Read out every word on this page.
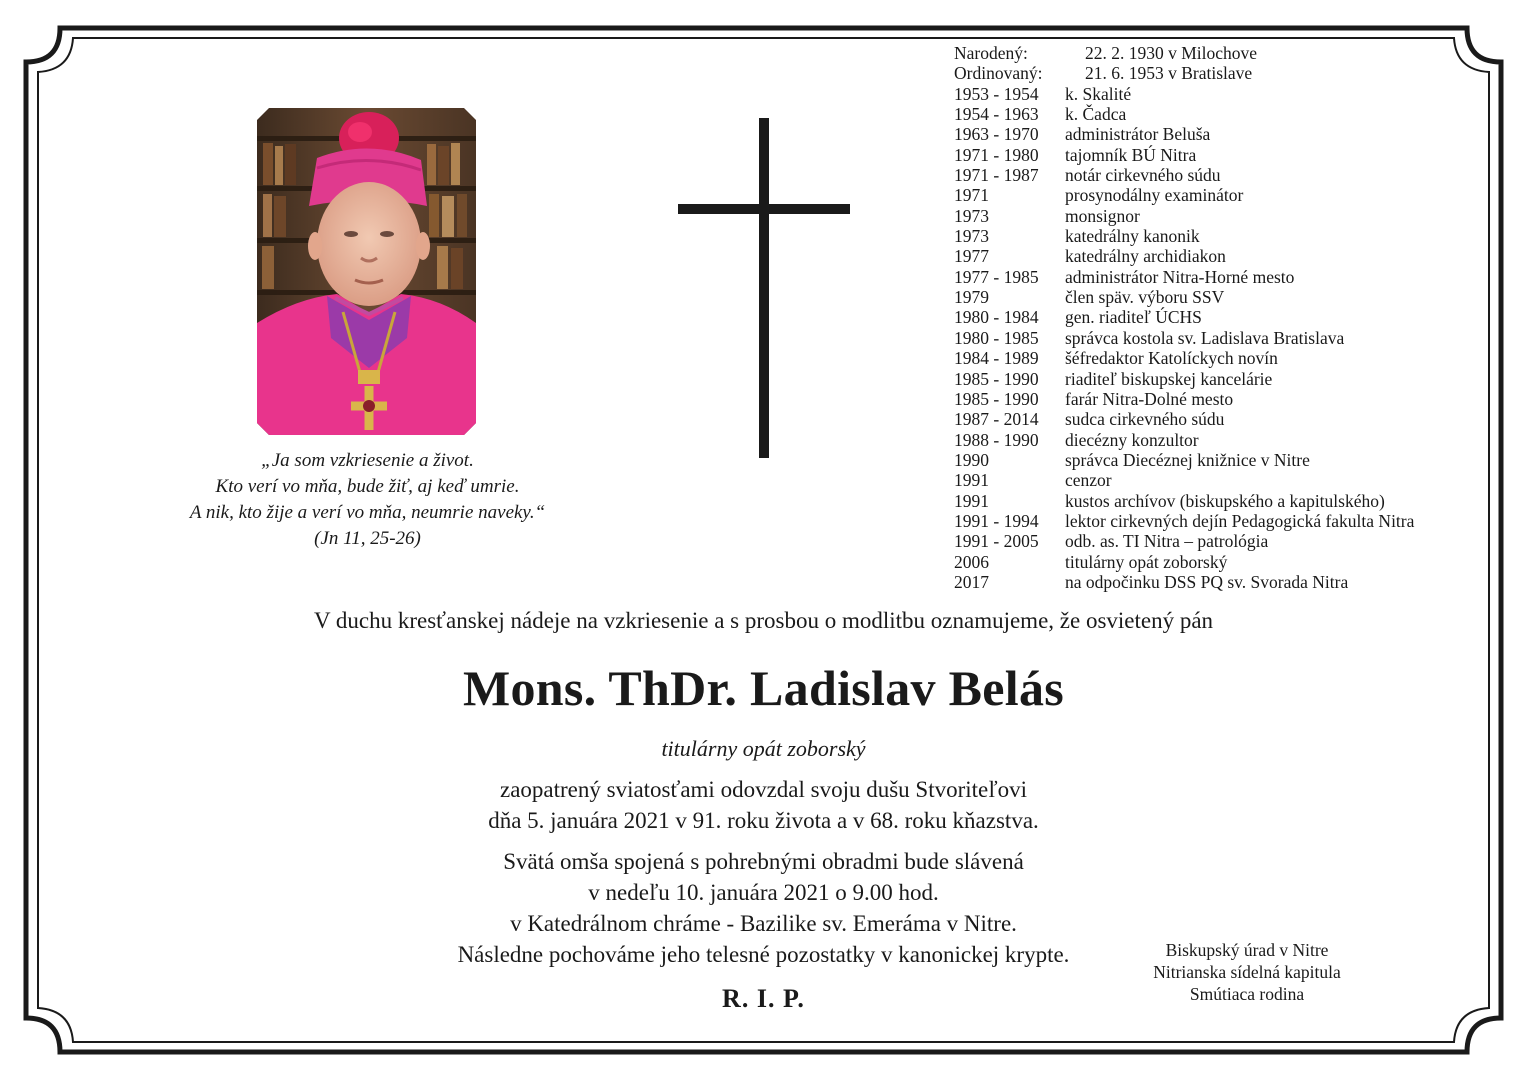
„Ja som vzkriesenie a život.
Kto verí vo mňa, bude žiť, aj keď umrie.
A nik, kto žije a verí vo mňa, neumrie naveky.“
(Jn 11, 25-26)
Narodený:	22. 2. 1930 v Milochove
Ordinovaný: 21. 6. 1953 v Bratislave
1953 - 1954 k. Skalité
1954 - 1963 k. Čadca
1963 - 1970 administrátor Beluša
1971 - 1980 tajomník BÚ Nitra
1971 - 1987 notár cirkevného súdu
1971	prosynodálny examinátor
1973	monsignor
1973	katedrálny kanonik
1977	katedrálny archidiakon
1977 - 1985 administrátor Nitra-Horné mesto
1979	člen späv. výboru SSV
1980 - 1984 gen. riaditeľ ÚCHS
1980 - 1985 správca kostola sv. Ladislava Bratislava
1984 - 1989 šéfredaktor Katolíckych novín
1985 - 1990 riaditeľ biskupskej kancelárie
1985 - 1990 farár Nitra-Dolné mesto
1987 - 2014 sudca cirkevného súdu
1988 - 1990 diecézny konzultor
1990	správca Diecéznej knižnice v Nitre
1991	cenzor
1991	kustos archívov (biskupského a kapitulského)
1991 - 1994 lektor cirkevných dejín Pedagogická fakulta Nitra
1991 - 2005 odb. as. TI Nitra – patrológia
2006	titulárny opát zoborský
2017	na odpočinku DSS PQ sv. Svorada Nitra
V duchu kresťanskej nádeje na vzkriesenie a s prosbou o modlitbu oznamujeme, že osvietený pán
Mons. ThDr. Ladislav Belás
titulárny opát zoborský
zaopatrený sviatosťami odovzdal svoju dušu Stvoriteľovi
dňa 5. januára 2021 v 91. roku života a v 68. roku kňazstva.
Svätá omša spojená s pohrebnými obradmi bude slávená
v nedeľu 10. januára 2021 o 9.00 hod.
v Katedrálnom chráme - Bazilike sv. Emeráma v Nitre.
Následne pochováme jeho telesné pozostatky v kanonickej krypte.
R. I. P.
Biskupský úrad v Nitre
Nitrianska sídelná kapitula
Smútiaca rodina
